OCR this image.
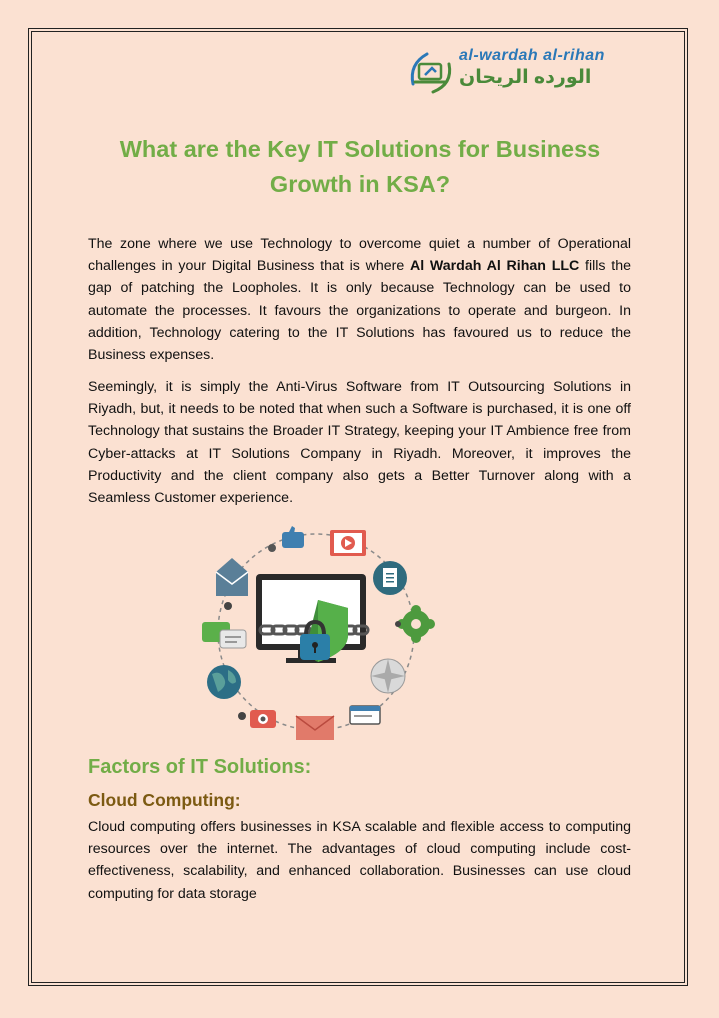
al-wardah al-rihan
الورده الريحان
What are the Key IT Solutions for Business Growth in KSA?

The zone where we use Technology to overcome quiet a number of Operational challenges in your Digital Business that is where Al Wardah Al Rihan LLC fills the gap of patching the Loopholes. It is only because Technology can be used to automate the processes. It favours the organizations to operate and burgeon. In addition, Technology catering to the IT Solutions has favoured us to reduce the Business expenses.

Seemingly, it is simply the Anti-Virus Software from IT Outsourcing Solutions in Riyadh, but, it needs to be noted that when such a Software is purchased, it is one off Technology that sustains the Broader IT Strategy, keeping your IT Ambience free from Cyber-attacks at IT Solutions Company in Riyadh. Moreover, it improves the Productivity and the client company also gets a Better Turnover along with a Seamless Customer experience.

Factors of IT Solutions:
Cloud Computing:

Cloud computing offers businesses in KSA scalable and flexible access to computing resources over the internet. The advantages of cloud computing include cost-effectiveness, scalability, and enhanced collaboration. Businesses can use cloud computing for data storage
